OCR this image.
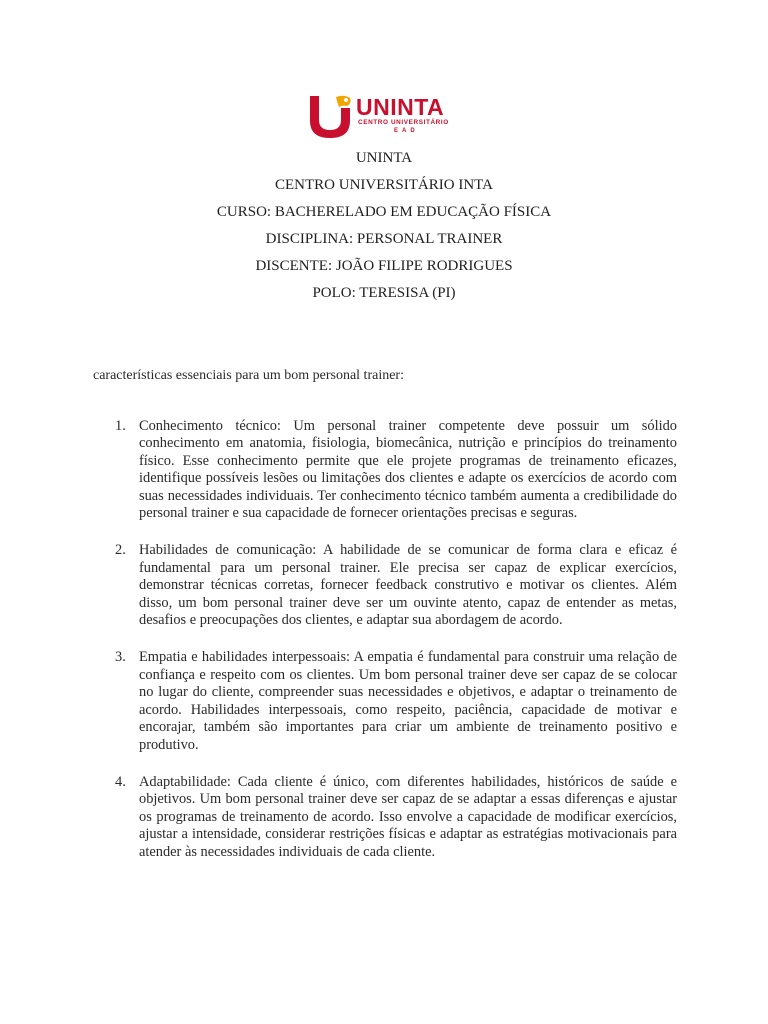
UNINTA
CENTRO UNIVERSITÁRIO
EAD
UNINTA
CENTRO UNIVERSITÁRIO INTA
CURSO: BACHERELADO EM EDUCAÇÃO FÍSICA
DISCIPLINA: PERSONAL TRAINER
DISCENTE: JOÃO FILIPE RODRIGUES
POLO: TERESISA (PI)
características essenciais para um bom personal trainer:
1. Conhecimento técnico: Um personal trainer competente deve possuir um sólido conhecimento em anatomia, fisiologia, biomecânica, nutrição e princípios do treinamento físico. Esse conhecimento permite que ele projete programas de treinamento eficazes, identifique possíveis lesões ou limitações dos clientes e adapte os exercícios de acordo com suas necessidades individuais. Ter conhecimento técnico também aumenta a credibilidade do personal trainer e sua capacidade de fornecer orientações precisas e seguras.
2. Habilidades de comunicação: A habilidade de se comunicar de forma clara e eficaz é fundamental para um personal trainer. Ele precisa ser capaz de explicar exercícios, demonstrar técnicas corretas, fornecer feedback construtivo e motivar os clientes. Além disso, um bom personal trainer deve ser um ouvinte atento, capaz de entender as metas, desafios e preocupações dos clientes, e adaptar sua abordagem de acordo.
3. Empatia e habilidades interpessoais: A empatia é fundamental para construir uma relação de confiança e respeito com os clientes. Um bom personal trainer deve ser capaz de se colocar no lugar do cliente, compreender suas necessidades e objetivos, e adaptar o treinamento de acordo. Habilidades interpessoais, como respeito, paciência, capacidade de motivar e encorajar, também são importantes para criar um ambiente de treinamento positivo e produtivo.
4. Adaptabilidade: Cada cliente é único, com diferentes habilidades, históricos de saúde e objetivos. Um bom personal trainer deve ser capaz de se adaptar a essas diferenças e ajustar os programas de treinamento de acordo. Isso envolve a capacidade de modificar exercícios, ajustar a intensidade, considerar restrições físicas e adaptar as estratégias motivacionais para atender às necessidades individuais de cada cliente.
